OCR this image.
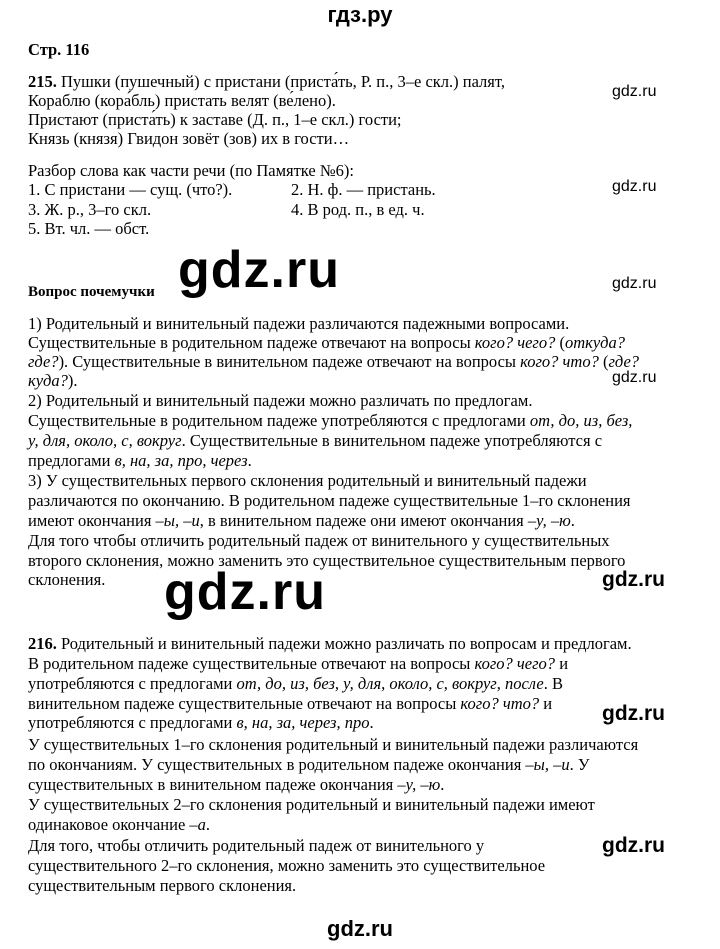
гдз.ру
Стр. 116
215. Пушки (пушечный) с пристани (приста́ть, Р. п., 3–е скл.) палят,
Кораблю (кора́бль) пристать велят (ве́лено).
Пристают (приста́ть) к заставе (Д. п., 1–е скл.) гости;
Князь (князя) Гвидон зовёт (зов) их в гости…
Разбор слова как части речи (по Памятке №6):
1. С пристани — сущ. (что?).	2. Н. ф. — пристань.
3. Ж. р., 3–го скл.	4. В род. п., в ед. ч.
5. Вт. чл. — обст.
Вопрос почемучки
1) Родительный и винительный падежи различаются падежными вопросами.
Существительные в родительном падеже отвечают на вопросы кого? чего? (откуда?
где?). Существительные в винительном падеже отвечают на вопросы кого? что? (где?
куда?).
2) Родительный и винительный падежи можно различать по предлогам.
Существительные в родительном падеже употребляются с предлогами от, до, из, без,
у, для, около, с, вокруг. Существительные в винительном падеже употребляются с
предлогами в, на, за, про, через.
3) У существительных первого склонения родительный и винительный падежи
различаются по окончанию. В родительном падеже существительные 1–го склонения
имеют окончания –ы, –и, в винительном падеже они имеют окончания –у, –ю.
Для того чтобы отличить родительный падеж от винительного у существительных
второго склонения, можно заменить это существительное существительным первого
склонения.
216. Родительный и винительный падежи можно различать по вопросам и предлогам.
В родительном падеже существительные отвечают на вопросы кого? чего? и
употребляются с предлогами от, до, из, без, у, для, около, с, вокруг, после. В
винительном падеже существительные отвечают на вопросы кого? что? и
употребляются с предлогами в, на, за, через, про.
У существительных 1–го склонения родительный и винительный падежи различаются
по окончаниям. У существительных в родительном падеже окончания –ы, –и. У
существительных в винительном падеже окончания –у, –ю.
У существительных 2–го склонения родительный и винительный падежи имеют
одинаковое окончание –а.
Для того, чтобы отличить родительный падеж от винительного у
существительного 2–го склонения, можно заменить это существительное
существительным первого склонения.
gdz.ru
gdz.ru
gdz.ru
gdz.ru
gdz.ru
gdz.ru
gdz.ru
gdz.ru
gdz.ru
gdz.ru
